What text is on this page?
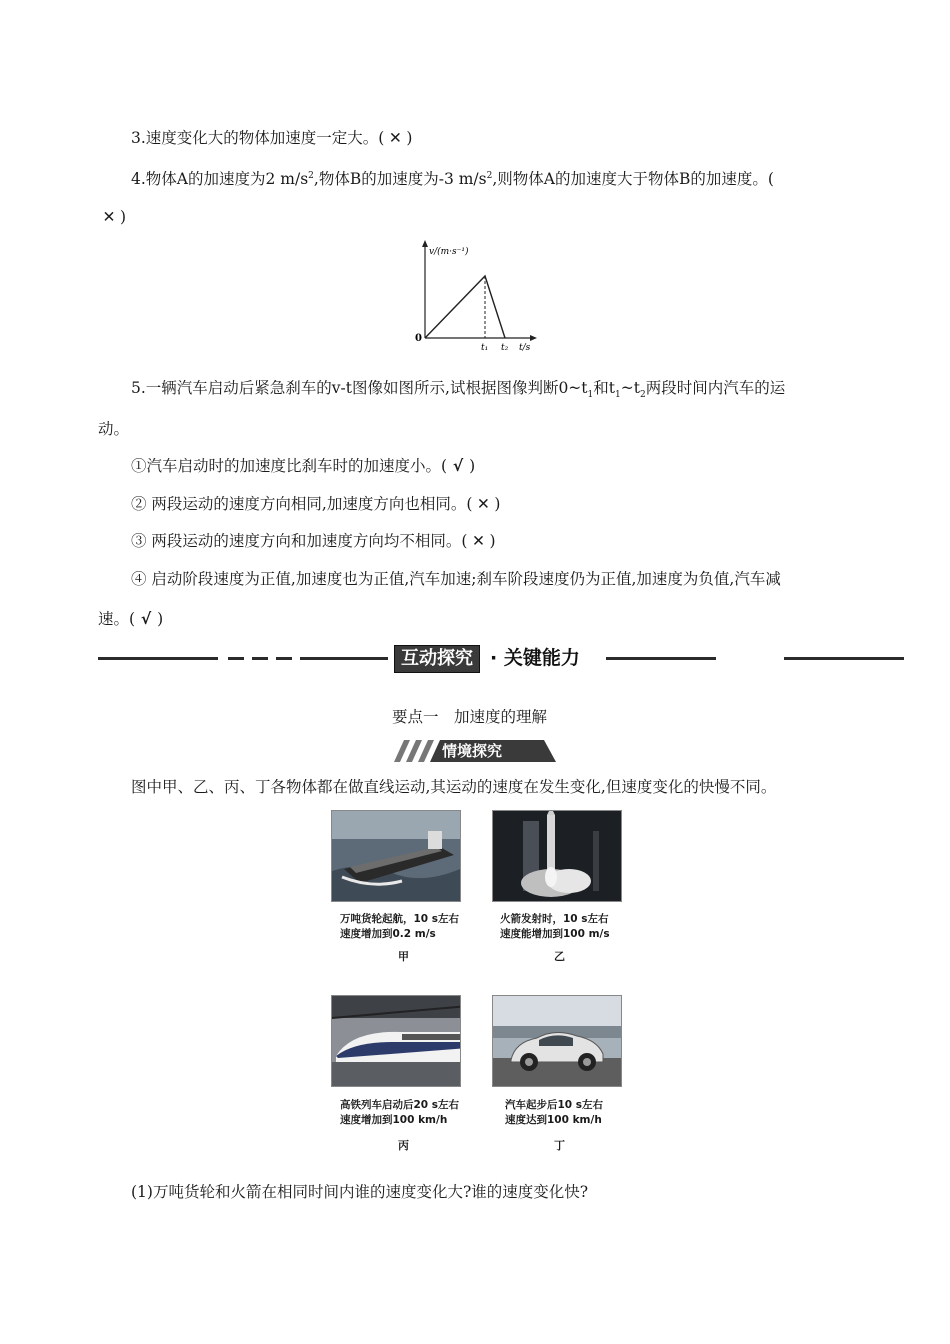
3.速度变化大的物体加速度一定大。( ✕ )
4.物体A的加速度为2 $m/s^2$,物体B的加速度为-3 $m/s^2$,则物体A的加速度大于物体B的加速度。(
✕ )
v/(m·s⁻¹)
0
t₁ t₂ t/s
5.一辆汽车启动后紧急刹车的v-t图像如图所示,试根据图像判断$0\sim t_1$和$t_1\sim t_2$两段时间内汽车的运
动。
①汽车启动时的加速度比刹车时的加速度小。( √ )
② 两段运动的速度方向相同,加速度方向也相同。( ✕ )
③ 两段运动的速度方向和加速度方向均不相同。( ✕ )
④ 启动阶段速度为正值,加速度也为正值,汽车加速;刹车阶段速度仍为正值,加速度为负值,汽车减
速。( √ )
互动探究 · 关键能力
要点一　加速度的理解
情境探究
图中甲、乙、丙、丁各物体都在做直线运动,其运动的速度在发生变化,但速度变化的快慢不同。
万吨货轮起航，10 s左右
速度增加到0.2 m/s
甲
火箭发射时，10 s左右
速度能增加到100 m/s
乙
高铁列车启动后20 s左右
速度增加到100 km/h
丙
汽车起步后10 s左右
速度达到100 km/h
丁
(1)万吨货轮和火箭在相同时间内谁的速度变化大?谁的速度变化快?
